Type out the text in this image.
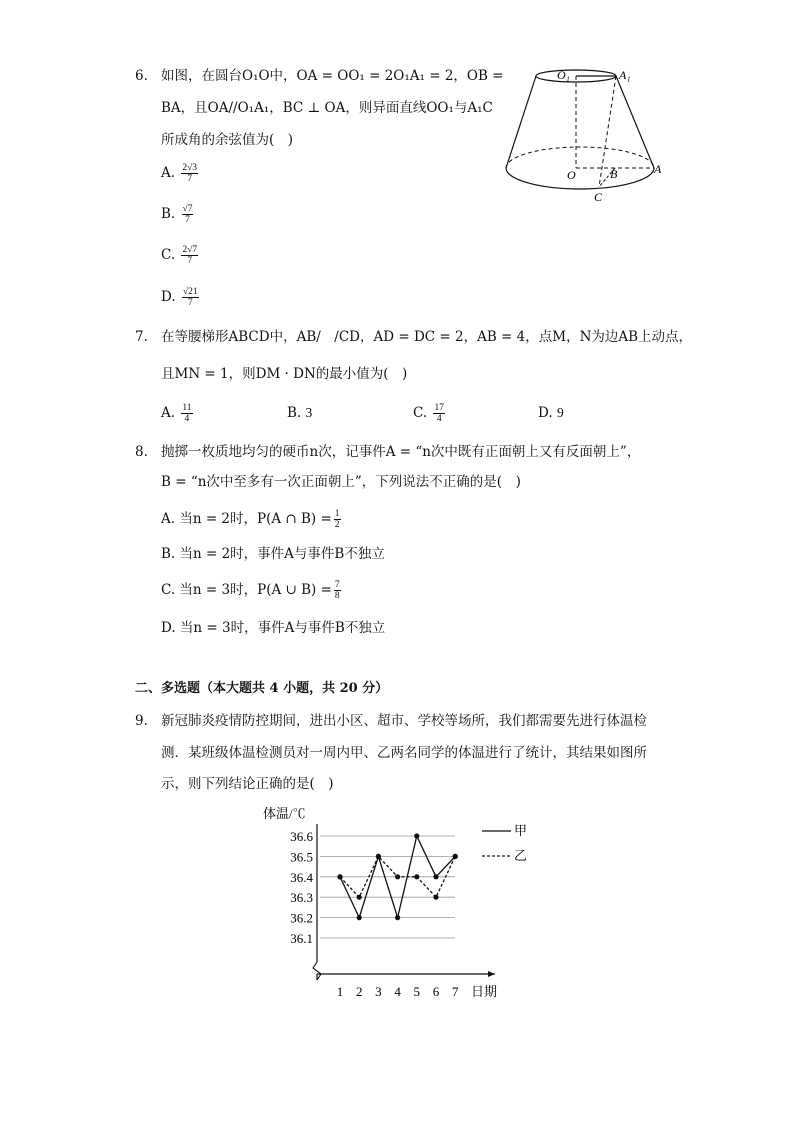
6. 如图，在圆台O₁O中，OA = OO₁ = 2O₁A₁ = 2，OB =
BA，且OA//O₁A₁，BC ⊥ OA，则异面直线OO₁与A₁C
所成角的余弦值为(　)
A. $\frac{2√3}{7}$
B. $\frac{√7}{7}$
C. $\frac{2√7}{7}$
D. $\frac{√21}{7}$
O₁	A₁
O	B	A
C
7. 在等腰梯形ABCD中，AB/　/CD，AD = DC = 2，AB = 4，点M，N为边AB上动点，
且MN = 1，则DM · DN的最小值为(　)
A. $\frac{11}{4}$	B. 3	C. $\frac{17}{4}$	D. 9
8. 抛掷一枚质地均匀的硬币n次，记事件A = “n次中既有正面朝上又有反面朝上”，
B = “n次中至多有一次正面朝上”，下列说法不正确的是(　)
A. 当n = 2时，P(A ∩ $B) = \frac{1}{2}$
B. 当n = 2时，事件A与事件B不独立
C. 当n = 3时，P(A ∪ $B) = \frac{7}{8}$
D. 当n = 3时，事件A与事件B不独立
二、多选题（本大题共 4 小题，共 20 分）
9. 新冠肺炎疫情防控期间，进出小区、超市、学校等场所，我们都需要先进行体温检
测．某班级体温检测员对一周内甲、乙两名同学的体温进行了统计，其结果如图所
示，则下列结论正确的是(　)
体温/℃
日期
36.1
36.2
36.3
36.4
36.5
36.6
1 2 3 4 5 6 7
甲
乙
